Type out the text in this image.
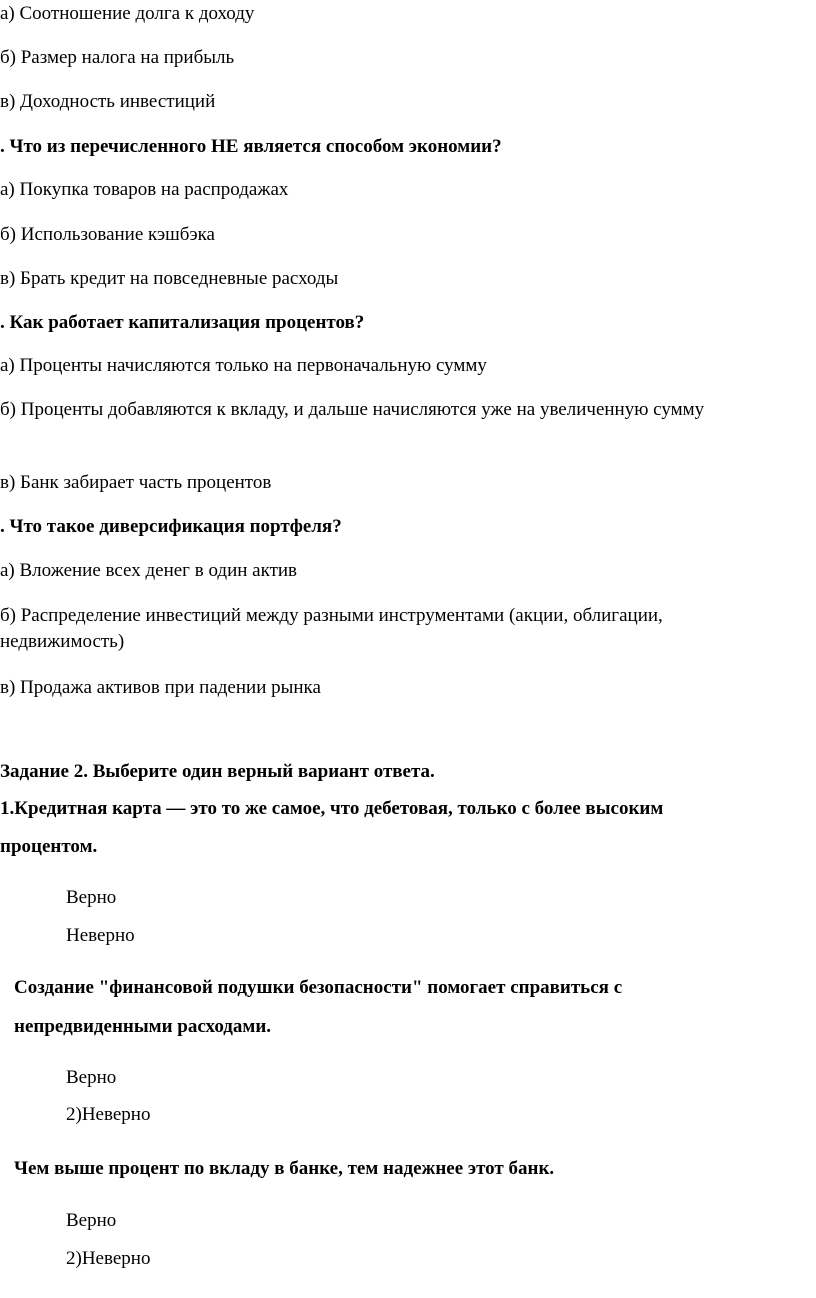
а) Соотношение долга к доходу
б) Размер налога на прибыль
в) Доходность инвестиций
. Что из перечисленного НЕ является способом экономии?
а) Покупка товаров на распродажах
б) Использование кэшбэка
в) Брать кредит на повседневные расходы
. Как работает капитализация процентов?
а) Проценты начисляются только на первоначальную сумму
б) Проценты добавляются к вкладу, и дальше начисляются уже на увеличенную сумму
в) Банк забирает часть процентов
. Что такое диверсификация портфеля?
а) Вложение всех денег в один актив
б) Распределение инвестиций между разными инструментами (акции, облигации, недвижимость)
в) Продажа активов при падении рынка
Задание 2. Выберите один верный вариант ответа.
1.Кредитная карта — это то же самое, что дебетовая, только с более высоким
процентом.
Верно
Неверно
Создание "финансовой подушки безопасности" помогает справиться с
непредвиденными расходами.
Верно
2)Неверно
Чем выше процент по вкладу в банке, тем надежнее этот банк.
Верно
2)Неверно
